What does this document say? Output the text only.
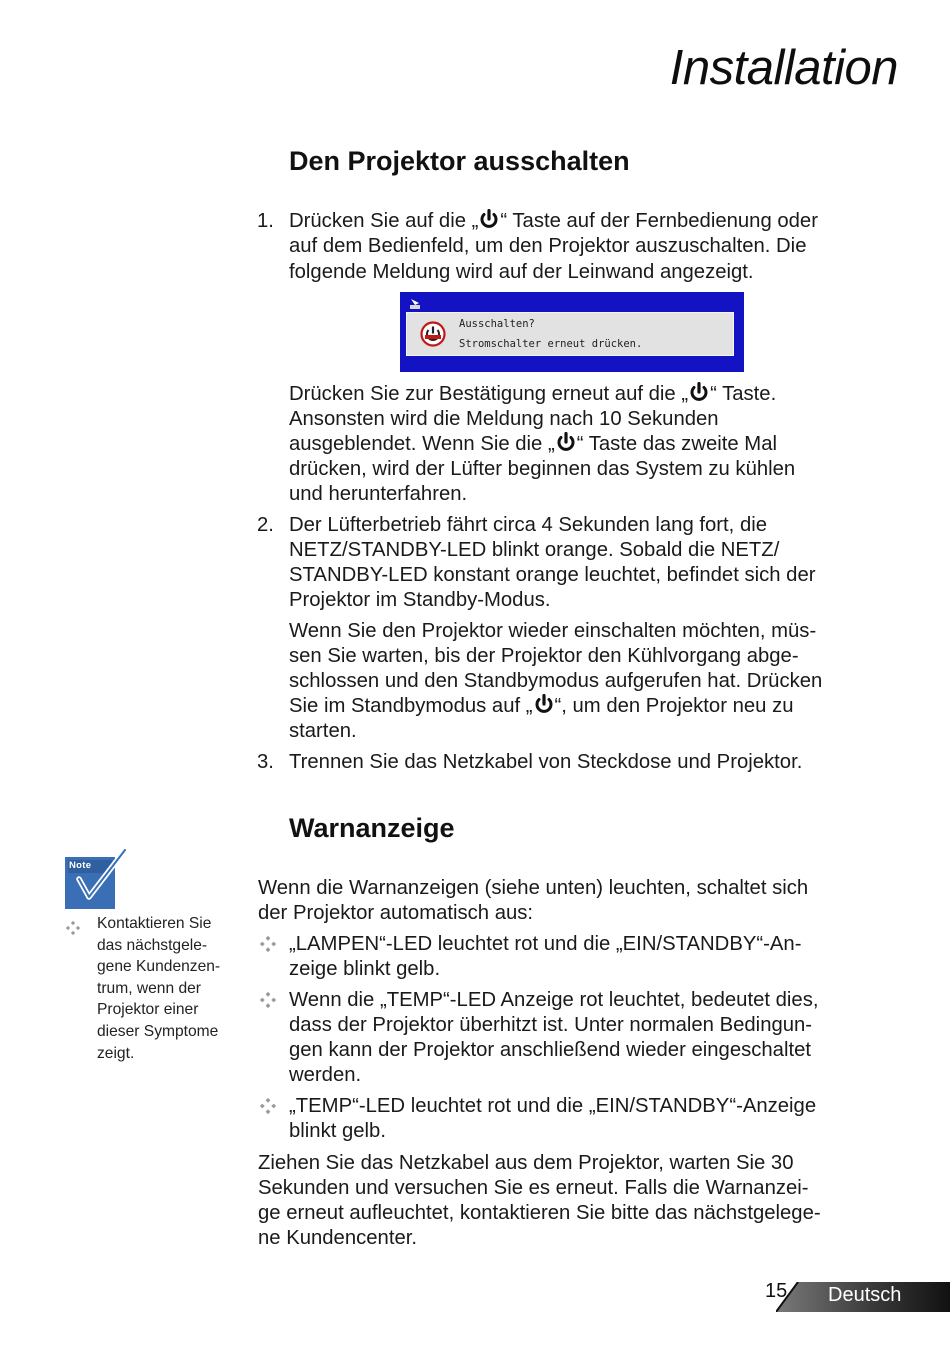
Installation
Den Projektor ausschalten
1. Drücken Sie auf die „ “ Taste auf der Fernbedienung oder
auf dem Bedienfeld, um den Projektor auszuschalten. Die
folgende Meldung wird auf der Leinwand angezeigt.
Ausschalten?
Stromschalter erneut drücken.
Drücken Sie zur Bestätigung erneut auf die „ “ Taste.
Ansonsten wird die Meldung nach 10 Sekunden
ausgeblendet. Wenn Sie die „ “ Taste das zweite Mal
drücken, wird der Lüfter beginnen das System zu kühlen
und herunterfahren.
2. Der Lüfterbetrieb fährt circa 4 Sekunden lang fort, die
NETZ/STANDBY-LED blinkt orange. Sobald die NETZ/
STANDBY-LED konstant orange leuchtet, befindet sich der
Projektor im Standby-Modus.
Wenn Sie den Projektor wieder einschalten möchten, müs-
sen Sie warten, bis der Projektor den Kühlvorgang abge-
schlossen und den Standbymodus aufgerufen hat. Drücken
Sie im Standbymodus auf „ “, um den Projektor neu zu
starten.
3. Trennen Sie das Netzkabel von Steckdose und Projektor.
Warnanzeige
Note
Kontaktieren Sie
das nächstgele-
gene Kundenzen-
trum, wenn der
Projektor einer
dieser Symptome
zeigt.
Wenn die Warnanzeigen (siehe unten) leuchten, schaltet sich
der Projektor automatisch aus:
„LAMPEN“-LED leuchtet rot und die „EIN/STANDBY“-An-
zeige blinkt gelb.
Wenn die „TEMP“-LED Anzeige rot leuchtet, bedeutet dies,
dass der Projektor überhitzt ist. Unter normalen Bedingun-
gen kann der Projektor anschließend wieder eingeschaltet
werden.
„TEMP“-LED leuchtet rot und die „EIN/STANDBY“-Anzeige
blinkt gelb.
Ziehen Sie das Netzkabel aus dem Projektor, warten Sie 30
Sekunden und versuchen Sie es erneut. Falls die Warnanzei-
ge erneut aufleuchtet, kontaktieren Sie bitte das nächstgelege-
ne Kundencenter.
15 Deutsch
